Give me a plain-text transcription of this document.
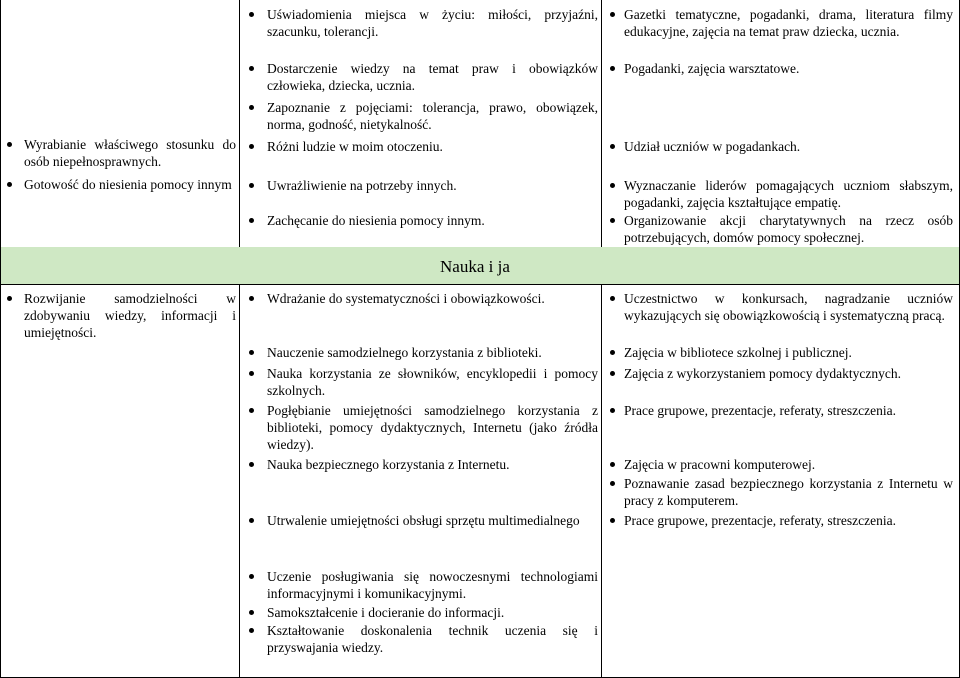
Nauka i ja
Wyrabianie właściwego stosunku do osób niepełnosprawnych.
Gotowość do niesienia pomocy innym
Uświadomienia miejsca w życiu: miłości, przyjaźni, szacunku, tolerancji.
Dostarczenie wiedzy na temat praw i obowiązków człowieka, dziecka, ucznia.
Zapoznanie z pojęciami: tolerancja, prawo, obowiązek, norma, godność, nietykalność.
Różni ludzie w moim otoczeniu.
Uwrażliwienie na potrzeby innych.
Zachęcanie do niesienia pomocy innym.
Gazetki tematyczne, pogadanki, drama, literatura filmy edukacyjne, zajęcia na temat praw dziecka, ucznia.
Pogadanki, zajęcia warsztatowe.
Udział uczniów w pogadankach.
Wyznaczanie liderów pomagających uczniom słabszym, pogadanki, zajęcia kształtujące empatię.
Organizowanie akcji charytatywnych na rzecz osób potrzebujących, domów pomocy społecznej.
Rozwijanie samodzielności w zdobywaniu wiedzy, informacji i umiejętności.
Wdrażanie do systematyczności i obowiązkowości.
Nauczenie samodzielnego korzystania z biblioteki.
Nauka korzystania ze słowników, encyklopedii i pomocy szkolnych.
Pogłębianie umiejętności samodzielnego korzystania z biblioteki, pomocy dydaktycznych, Internetu (jako źródła wiedzy).
Nauka bezpiecznego korzystania z Internetu.
Utrwalenie umiejętności obsługi sprzętu multimedialnego
Uczenie posługiwania się nowoczesnymi technologiami informacyjnymi i komunikacyjnymi.
Samokształcenie i docieranie do informacji.
Kształtowanie doskonalenia technik uczenia się i przyswajania wiedzy.
Uczestnictwo w konkursach, nagradzanie uczniów wykazujących się obowiązkowością i systematyczną pracą.
Zajęcia w bibliotece szkolnej i publicznej.
Zajęcia z wykorzystaniem pomocy dydaktycznych.
Prace grupowe, prezentacje, referaty, streszczenia.
Zajęcia w pracowni komputerowej.
Poznawanie zasad bezpiecznego korzystania z Internetu w pracy z komputerem.
Prace grupowe, prezentacje, referaty, streszczenia.
